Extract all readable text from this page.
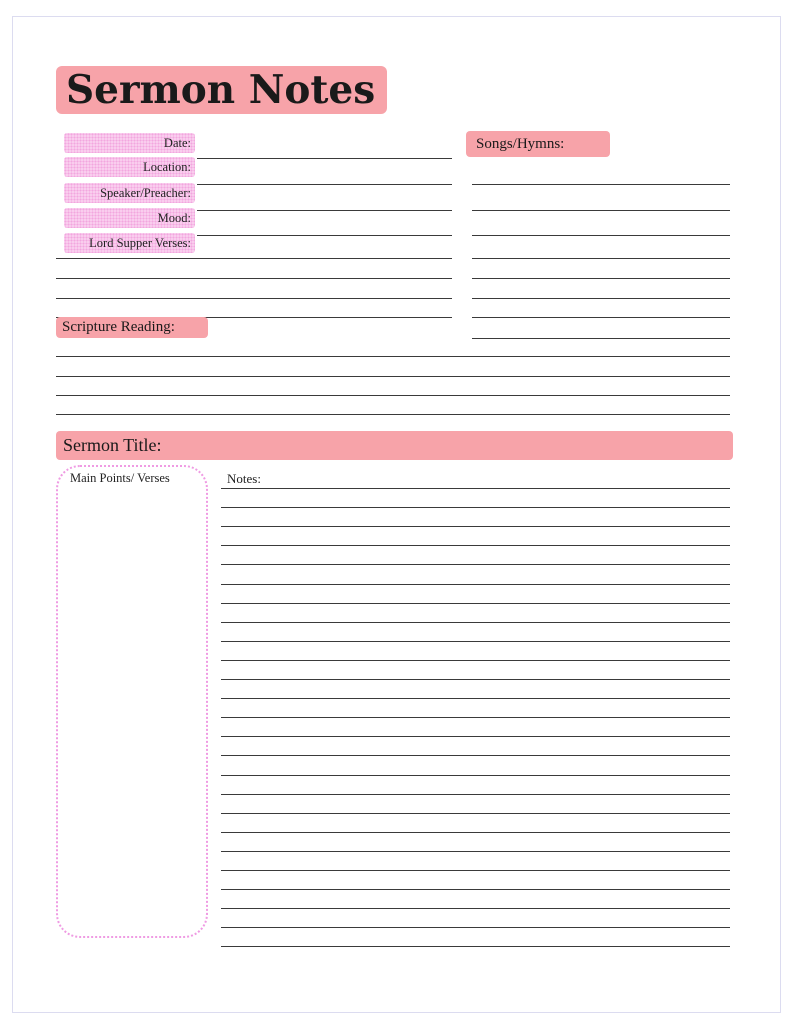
Sermon Notes
Date:
Location:
Speaker/Preacher:
Mood:
Lord Supper Verses:
Songs/Hymns:
Scripture Reading:
Sermon Title:
Main Points/ Verses	Notes:
